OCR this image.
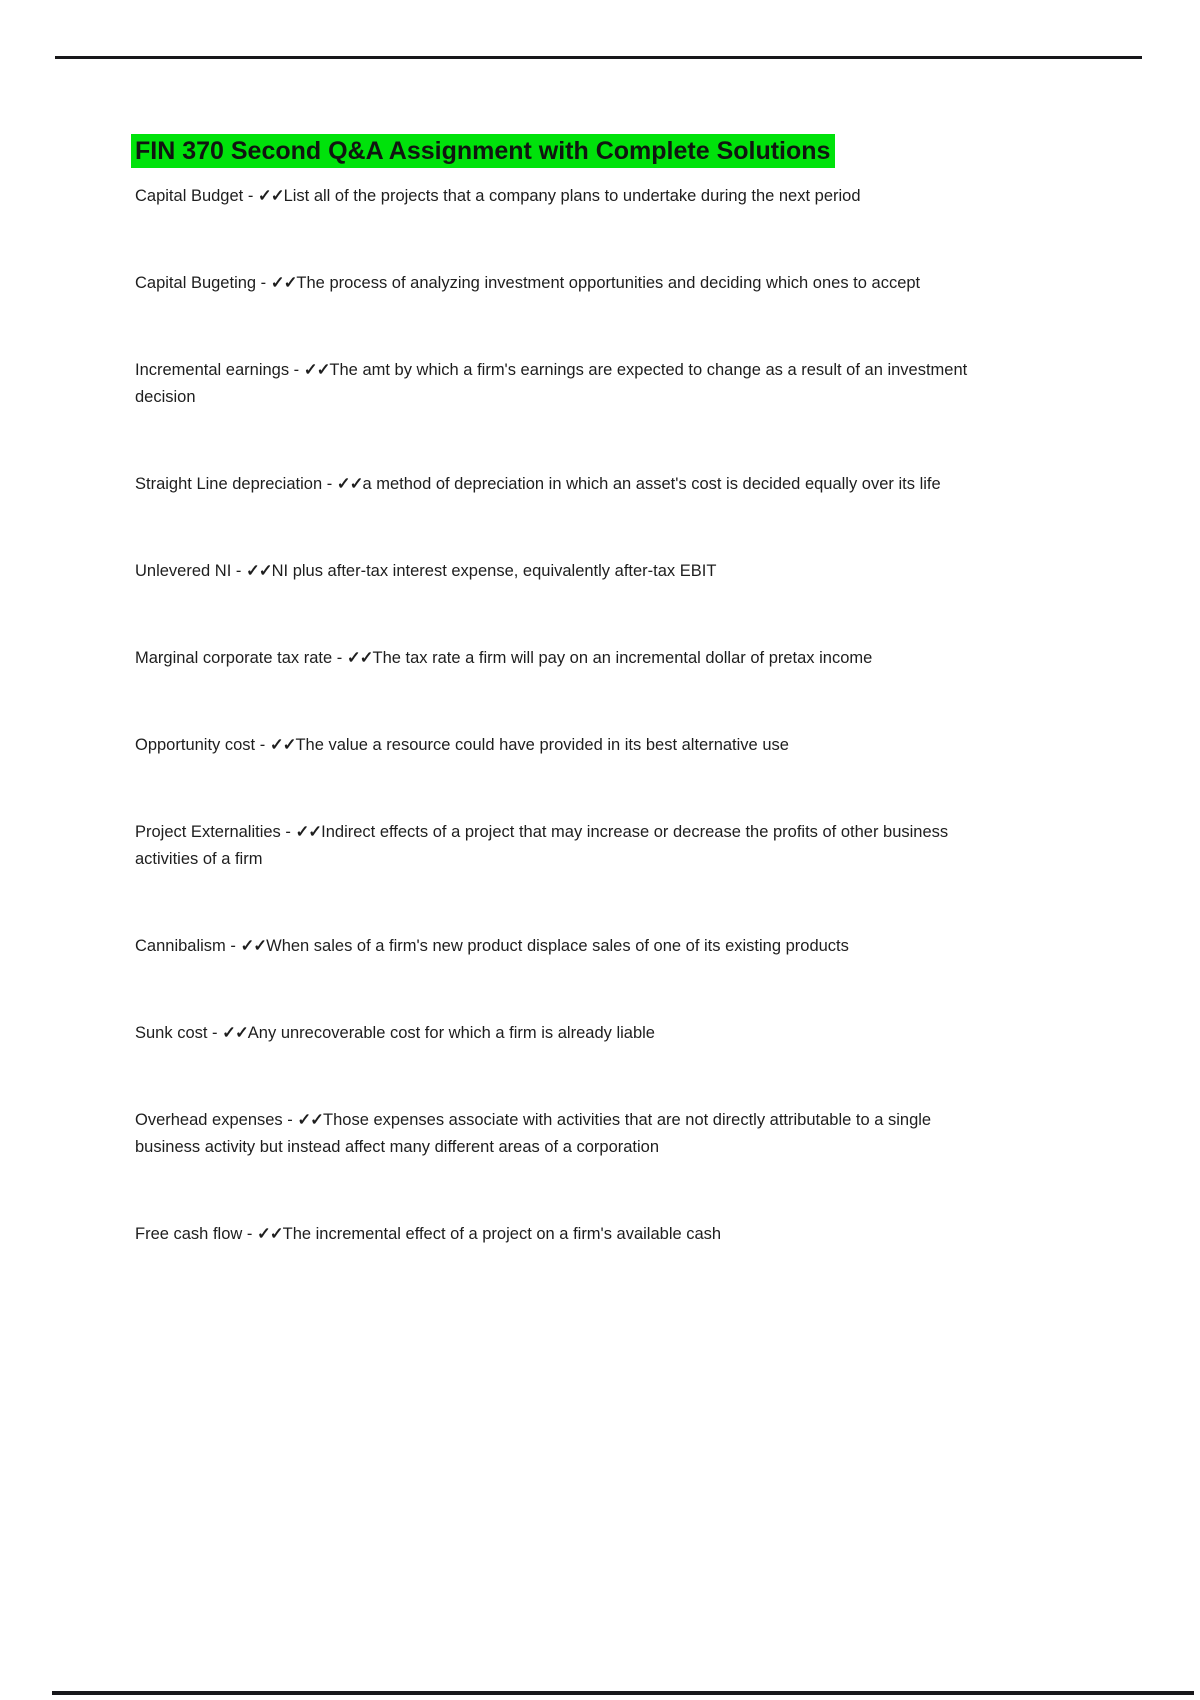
FIN 370 Second Q&A Assignment with Complete Solutions

Capital Budget - ✓✓List all of the projects that a company plans to undertake during the next period

Capital Bugeting - ✓✓The process of analyzing investment opportunities and deciding which ones to accept

Incremental earnings - ✓✓The amt by which a firm's earnings are expected to change as a result of an investment decision

Straight Line depreciation - ✓✓a method of depreciation in which an asset's cost is decided equally over its life

Unlevered NI - ✓✓NI plus after-tax interest expense, equivalently after-tax EBIT

Marginal corporate tax rate - ✓✓The tax rate a firm will pay on an incremental dollar of pretax income

Opportunity cost - ✓✓The value a resource could have provided in its best alternative use

Project Externalities - ✓✓Indirect effects of a project that may increase or decrease the profits of other business activities of a firm

Cannibalism - ✓✓When sales of a firm's new product displace sales of one of its existing products

Sunk cost - ✓✓Any unrecoverable cost for which a firm is already liable

Overhead expenses - ✓✓Those expenses associate with activities that are not directly attributable to a single business activity but instead affect many different areas of a corporation

Free cash flow - ✓✓The incremental effect of a project on a firm's available cash
